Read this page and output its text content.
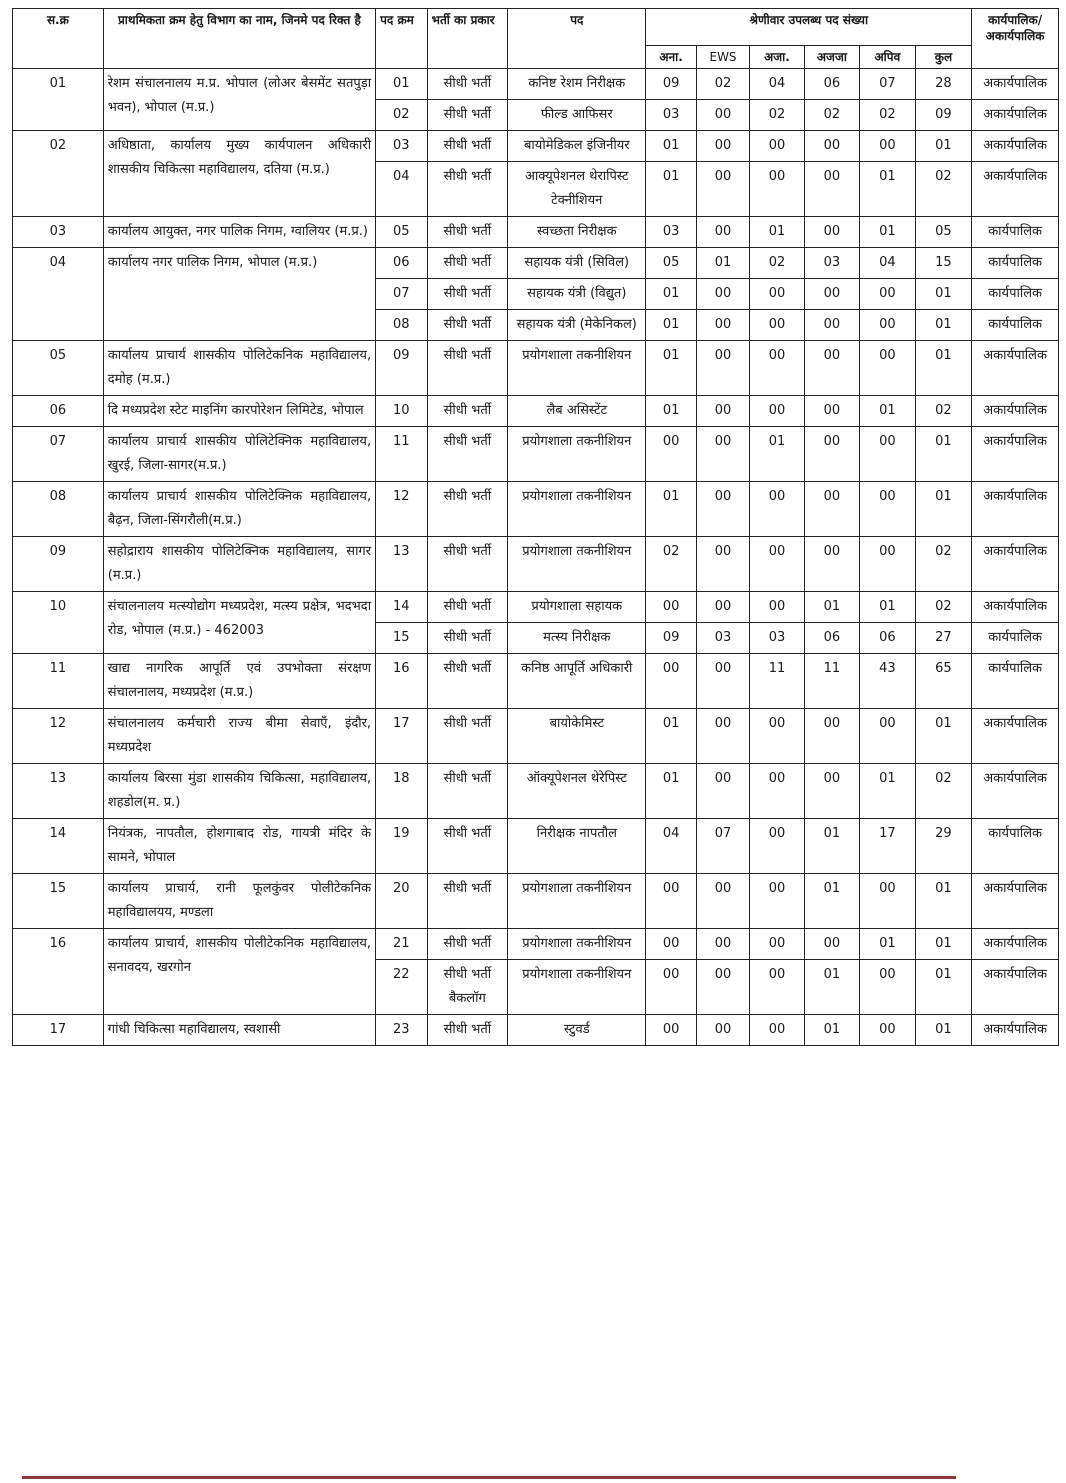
स.क्र	प्राथमिकता क्रम हेतु विभाग का नाम, जिनमे पद रिक्त है	पद क्रम	भर्ती का प्रकार	पद	श्रेणीवार उपलब्ध पद संख्या						कार्यपालिक/ अकार्यपालिक
					अना.	EWS	अजा.	अजजा	अपिव	कुल	
01	रेशम संचालनालय म.प्र. भोपाल (लोअर बेसमेंट सतपुड़ा भवन), भोपाल (म.प्र.)	01	सीधी भर्ती	कनिष्ट रेशम निरीक्षक	09	02	04	06	07	28	अकार्यपालिक
		02	सीधी भर्ती	फील्ड आफिसर	03	00	02	02	02	09	अकार्यपालिक
02	अधिष्ठाता, कार्यालय मुख्य कार्यपालन अधिकारी शासकीय चिकित्सा महाविद्यालय, दतिया (म.प्र.)	03	सीधी भर्ती	बायोमेडिकल इंजिनीयर	01	00	00	00	00	01	अकार्यपालिक
		04	सीधी भर्ती	आक्यूपेशनल थेरापिस्ट टेक्नीशियन	01	00	00	00	01	02	अकार्यपालिक
03	कार्यालय आयुक्त, नगर पालिक निगम, ग्वालियर (म.प्र.)	05	सीधी भर्ती	स्वच्छता निरीक्षक	03	00	01	00	01	05	कार्यपालिक
04	कार्यालय नगर पालिक निगम, भोपाल (म.प्र.)	06	सीधी भर्ती	सहायक यंत्री (सिविल)	05	01	02	03	04	15	कार्यपालिक
		07	सीधी भर्ती	सहायक यंत्री (विद्युत)	01	00	00	00	00	01	कार्यपालिक
		08	सीधी भर्ती	सहायक यंत्री (मेकेनिकल)	01	00	00	00	00	01	कार्यपालिक
05	कार्यालय प्राचार्य शासकीय पोलिटेकनिक महाविद्यालय, दमोह (म.प्र.)	09	सीधी भर्ती	प्रयोगशाला तकनीशियन	01	00	00	00	00	01	अकार्यपालिक
06	दि मध्यप्रदेश स्टेट माइनिंग कारपोरेशन लिमिटेड, भोपाल	10	सीधी भर्ती	लैब असिस्टेंट	01	00	00	00	01	02	अकार्यपालिक
07	कार्यालय प्राचार्य शासकीय पोलिटेक्निक महाविद्यालय, खुरई, जिला-सागर(म.प्र.)	11	सीधी भर्ती	प्रयोगशाला तकनीशियन	00	00	01	00	00	01	अकार्यपालिक
08	कार्यालय प्राचार्य शासकीय पोलिटेक्निक महाविद्यालय, बैढ़न, जिला-सिंगरौली(म.प्र.)	12	सीधी भर्ती	प्रयोगशाला तकनीशियन	01	00	00	00	00	01	अकार्यपालिक
09	सहोद्राराय शासकीय पोलिटेक्निक महाविद्यालय, सागर (म.प्र.)	13	सीधी भर्ती	प्रयोगशाला तकनीशियन	02	00	00	00	00	02	अकार्यपालिक
10	संचालनालय मत्स्योद्योग मध्यप्रदेश, मत्स्य प्रक्षेत्र, भदभदा रोड, भोपाल (म.प्र.) - 462003	14	सीधी भर्ती	प्रयोगशाला सहायक	00	00	00	01	01	02	अकार्यपालिक
		15	सीधी भर्ती	मत्स्य निरीक्षक	09	03	03	06	06	27	कार्यपालिक
11	खाद्य नागरिक आपूर्ति एवं उपभोक्ता संरक्षण संचालनालय, मध्यप्रदेश (म.प्र.)	16	सीधी भर्ती	कनिष्ठ आपूर्ति अधिकारी	00	00	11	11	43	65	कार्यपालिक
12	संचालनालय कर्मचारी राज्य बीमा सेवाएँ, इंदौर, मध्यप्रदेश	17	सीधी भर्ती	बायोकेमिस्ट	01	00	00	00	00	01	अकार्यपालिक
13	कार्यालय बिरसा मुंडा शासकीय चिकित्सा, महाविद्यालय, शहडोल(म. प्र.)	18	सीधी भर्ती	ऑक्यूपेशनल थेरेपिस्ट	01	00	00	00	01	02	अकार्यपालिक
14	नियंत्रक, नापतौल, होशगाबाद रोड, गायत्री मंदिर के सामने, भोपाल	19	सीधी भर्ती	निरीक्षक नापतौल	04	07	00	01	17	29	कार्यपालिक
15	कार्यालय प्राचार्य, रानी फूलकुंवर पोलीटेकनिक महाविद्यालयय, मण्डला	20	सीधी भर्ती	प्रयोगशाला तकनीशियन	00	00	00	01	00	01	अकार्यपालिक
16	कार्यालय प्राचार्य, शासकीय पोलीटेकनिक महाविद्यालय, सनावदय, खरगोन	21	सीधी भर्ती	प्रयोगशाला तकनीशियन	00	00	00	00	01	01	अकार्यपालिक
		22	सीधी भर्ती बैकलॉग	प्रयोगशाला तकनीशियन	00	00	00	01	00	01	अकार्यपालिक
17	गांधी चिकित्सा महाविद्यालय, स्वशासी	23	सीधी भर्ती	स्टुवर्ड	00	00	00	01	00	01	अकार्यपालिक
